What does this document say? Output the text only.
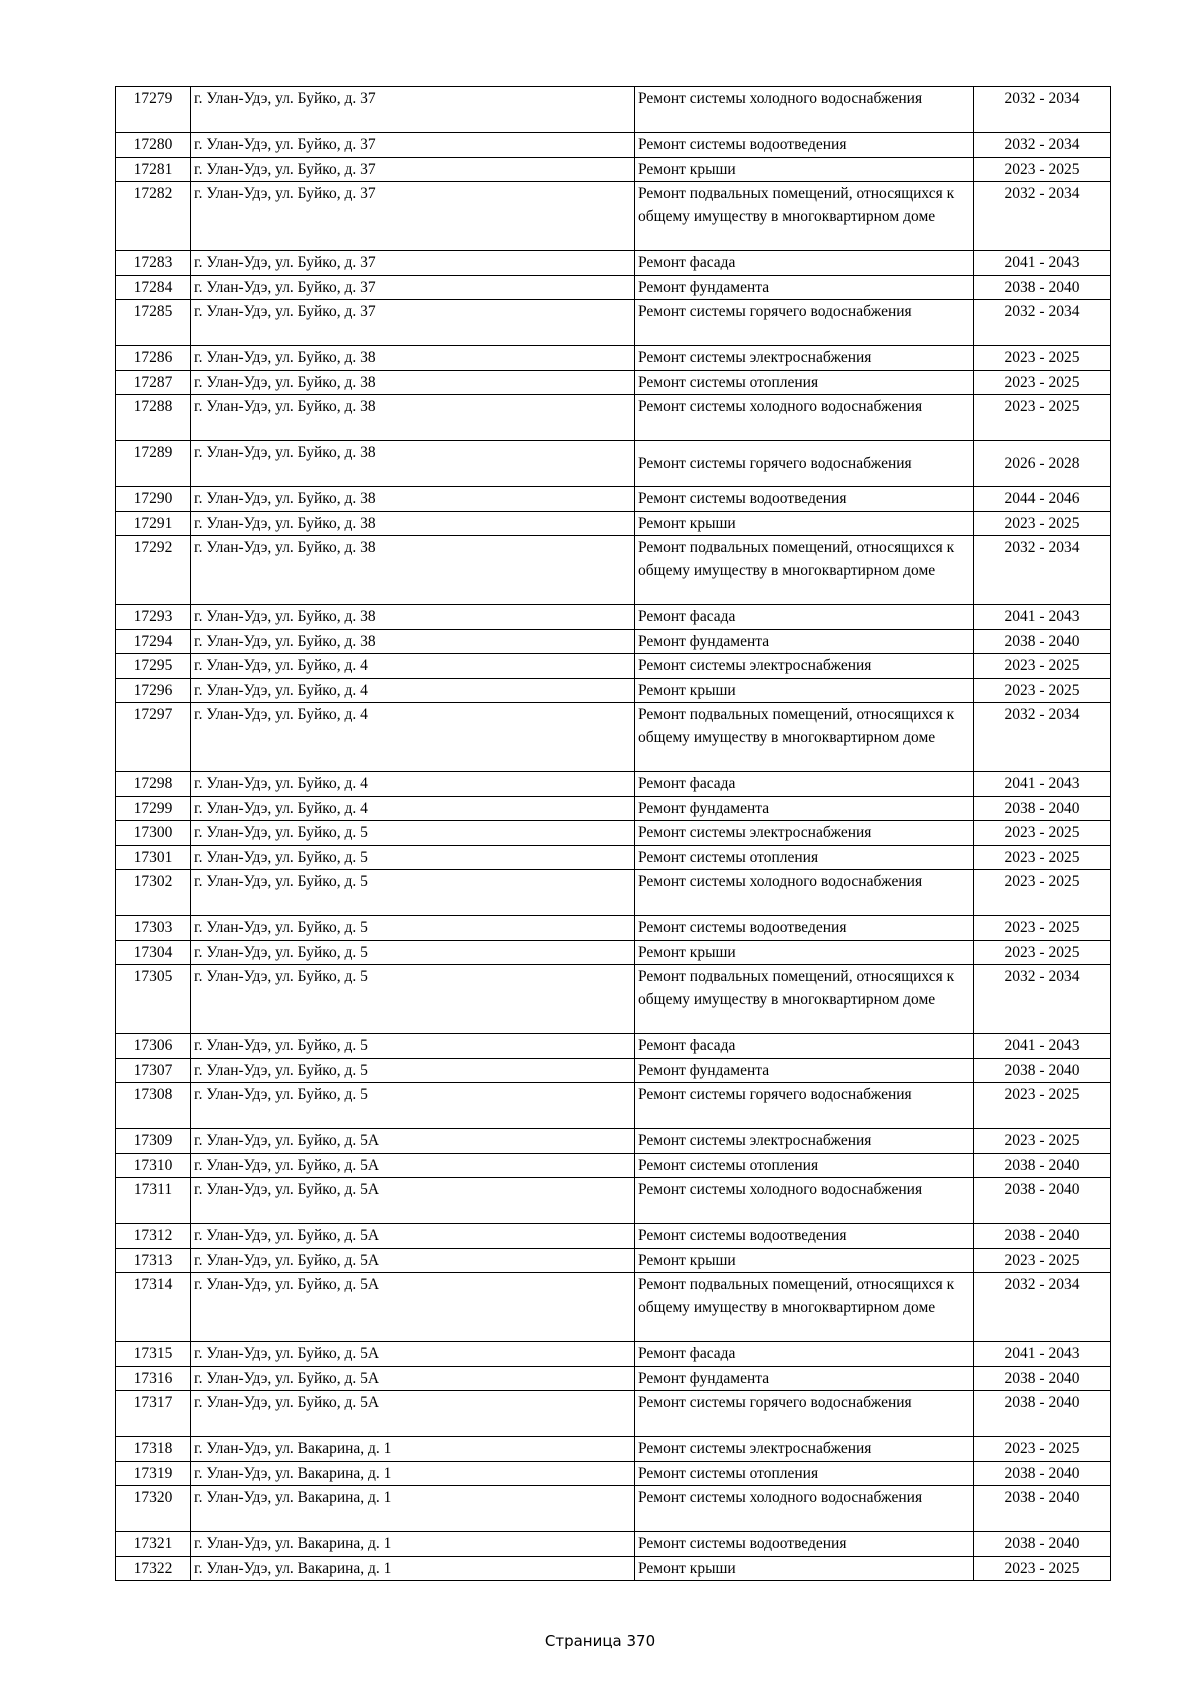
17279	г. Улан-Удэ, ул. Буйко, д. 37	Ремонт системы холодного водоснабжения	2032 - 2034
17280	г. Улан-Удэ, ул. Буйко, д. 37	Ремонт системы водоотведения	2032 - 2034
17281	г. Улан-Удэ, ул. Буйко, д. 37	Ремонт крыши	2023 - 2025
17282	г. Улан-Удэ, ул. Буйко, д. 37	Ремонт подвальных помещений, относящихся к общему имуществу в многоквартирном доме	2032 - 2034
17283	г. Улан-Удэ, ул. Буйко, д. 37	Ремонт фасада	2041 - 2043
17284	г. Улан-Удэ, ул. Буйко, д. 37	Ремонт фундамента	2038 - 2040
17285	г. Улан-Удэ, ул. Буйко, д. 37	Ремонт системы горячего водоснабжения	2032 - 2034
17286	г. Улан-Удэ, ул. Буйко, д. 38	Ремонт системы электроснабжения	2023 - 2025
17287	г. Улан-Удэ, ул. Буйко, д. 38	Ремонт системы отопления	2023 - 2025
17288	г. Улан-Удэ, ул. Буйко, д. 38	Ремонт системы холодного водоснабжения	2023 - 2025
17289	г. Улан-Удэ, ул. Буйко, д. 38	Ремонт системы горячего водоснабжения	2026 - 2028

17290	г. Улан-Удэ, ул. Буйко, д. 38	Ремонт системы водоотведения	2044 - 2046
17291	г. Улан-Удэ, ул. Буйко, д. 38	Ремонт крыши	2023 - 2025
17292	г. Улан-Удэ, ул. Буйко, д. 38	Ремонт подвальных помещений, относящихся к общему имуществу в многоквартирном доме	2032 - 2034
17293	г. Улан-Удэ, ул. Буйко, д. 38	Ремонт фасада	2041 - 2043
17294	г. Улан-Удэ, ул. Буйко, д. 38	Ремонт фундамента	2038 - 2040
17295	г. Улан-Удэ, ул. Буйко, д. 4	Ремонт системы электроснабжения	2023 - 2025
17296	г. Улан-Удэ, ул. Буйко, д. 4	Ремонт крыши	2023 - 2025
17297	г. Улан-Удэ, ул. Буйко, д. 4	Ремонт подвальных помещений, относящихся к общему имуществу в многоквартирном доме	2032 - 2034
17298	г. Улан-Удэ, ул. Буйко, д. 4	Ремонт фасада	2041 - 2043
17299	г. Улан-Удэ, ул. Буйко, д. 4	Ремонт фундамента	2038 - 2040
17300	г. Улан-Удэ, ул. Буйко, д. 5	Ремонт системы электроснабжения	2023 - 2025
17301	г. Улан-Удэ, ул. Буйко, д. 5	Ремонт системы отопления	2023 - 2025
17302	г. Улан-Удэ, ул. Буйко, д. 5	Ремонт системы холодного водоснабжения	2023 - 2025
17303	г. Улан-Удэ, ул. Буйко, д. 5	Ремонт системы водоотведения	2023 - 2025
17304	г. Улан-Удэ, ул. Буйко, д. 5	Ремонт крыши	2023 - 2025
17305	г. Улан-Удэ, ул. Буйко, д. 5	Ремонт подвальных помещений, относящихся к общему имуществу в многоквартирном доме	2032 - 2034
17306	г. Улан-Удэ, ул. Буйко, д. 5	Ремонт фасада	2041 - 2043
17307	г. Улан-Удэ, ул. Буйко, д. 5	Ремонт фундамента	2038 - 2040
17308	г. Улан-Удэ, ул. Буйко, д. 5	Ремонт системы горячего водоснабжения	2023 - 2025
17309	г. Улан-Удэ, ул. Буйко, д. 5А	Ремонт системы электроснабжения	2023 - 2025
17310	г. Улан-Удэ, ул. Буйко, д. 5А	Ремонт системы отопления	2038 - 2040
17311	г. Улан-Удэ, ул. Буйко, д. 5А	Ремонт системы холодного водоснабжения	2038 - 2040
17312	г. Улан-Удэ, ул. Буйко, д. 5А	Ремонт системы водоотведения	2038 - 2040
17313	г. Улан-Удэ, ул. Буйко, д. 5А	Ремонт крыши	2023 - 2025
17314	г. Улан-Удэ, ул. Буйко, д. 5А	Ремонт подвальных помещений, относящихся к общему имуществу в многоквартирном доме	2032 - 2034
17315	г. Улан-Удэ, ул. Буйко, д. 5А	Ремонт фасада	2041 - 2043
17316	г. Улан-Удэ, ул. Буйко, д. 5А	Ремонт фундамента	2038 - 2040
17317	г. Улан-Удэ, ул. Буйко, д. 5А	Ремонт системы горячего водоснабжения	2038 - 2040
17318	г. Улан-Удэ, ул. Вакарина, д. 1	Ремонт системы электроснабжения	2023 - 2025
17319	г. Улан-Удэ, ул. Вакарина, д. 1	Ремонт системы отопления	2038 - 2040
17320	г. Улан-Удэ, ул. Вакарина, д. 1	Ремонт системы холодного водоснабжения	2038 - 2040
17321	г. Улан-Удэ, ул. Вакарина, д. 1	Ремонт системы водоотведения	2038 - 2040
17322	г. Улан-Удэ, ул. Вакарина, д. 1	Ремонт крыши	2023 - 2025
Страница 370
